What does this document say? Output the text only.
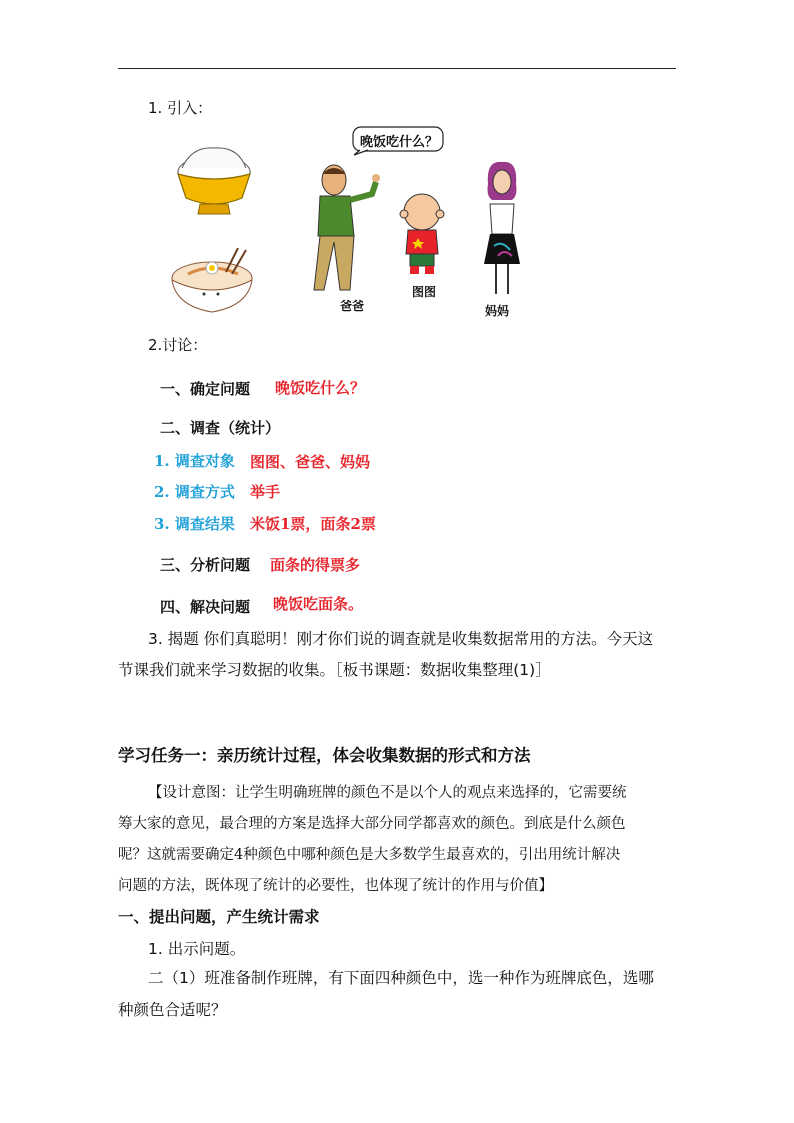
1. 引入：
晚饭吃什么？
爸爸
图图
妈妈
2.讨论：
一、确定问题 晚饭吃什么？
二、调查（统计）
1. 调查对象 图图、爸爸、妈妈
2. 调查方式 举手
3. 调查结果 米饭1票，面条2票
三、分析问题 面条的得票多
四、解决问题 晚饭吃面条。
3. 揭题 你们真聪明！刚才你们说的调查就是收集数据常用的方法。今天这
节课我们就来学习数据的收集。［板书课题：数据收集整理(1)］
学习任务一：亲历统计过程，体会收集数据的形式和方法
【设计意图：让学生明确班牌的颜色不是以个人的观点来选择的，它需要统
筹大家的意见，最合理的方案是选择大部分同学都喜欢的颜色。到底是什么颜色
呢？这就需要确定4种颜色中哪种颜色是大多数学生最喜欢的，引出用统计解决
问题的方法，既体现了统计的必要性，也体现了统计的作用与价值】
一、提出问题，产生统计需求
1. 出示问题。
二（1）班准备制作班牌，有下面四种颜色中，选一种作为班牌底色，选哪
种颜色合适呢？
